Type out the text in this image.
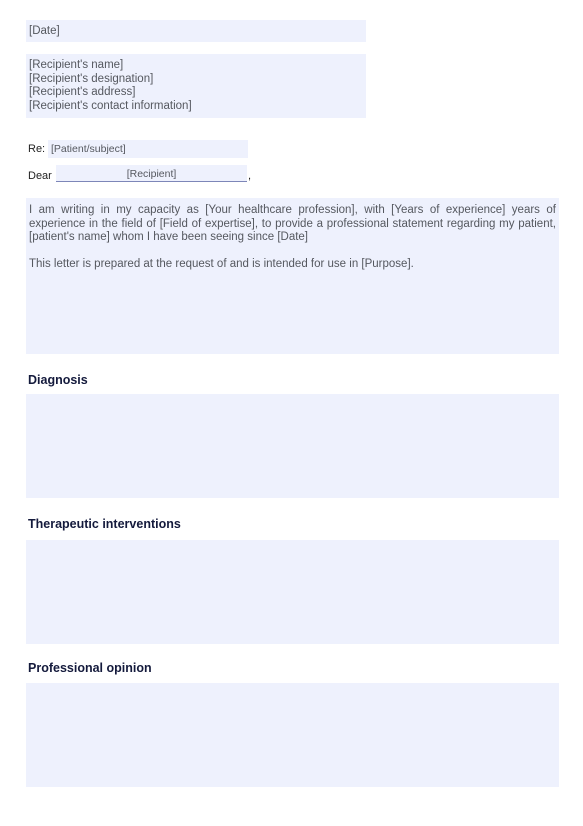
[Date]
[Recipient's name]
[Recipient's designation]
[Recipient's address]
[Recipient's contact information]
Re: [Patient/subject]
Dear	[Recipient]	,

I am writing in my capacity as [Your healthcare profession], with [Years of experience] years of experience in the field of [Field of expertise], to provide a professional statement regarding my patient, [patient's name] whom I have been seeing since [Date]

This letter is prepared at the request of and is intended for use in [Purpose].

Diagnosis
Therapeutic interventions
Professional opinion
